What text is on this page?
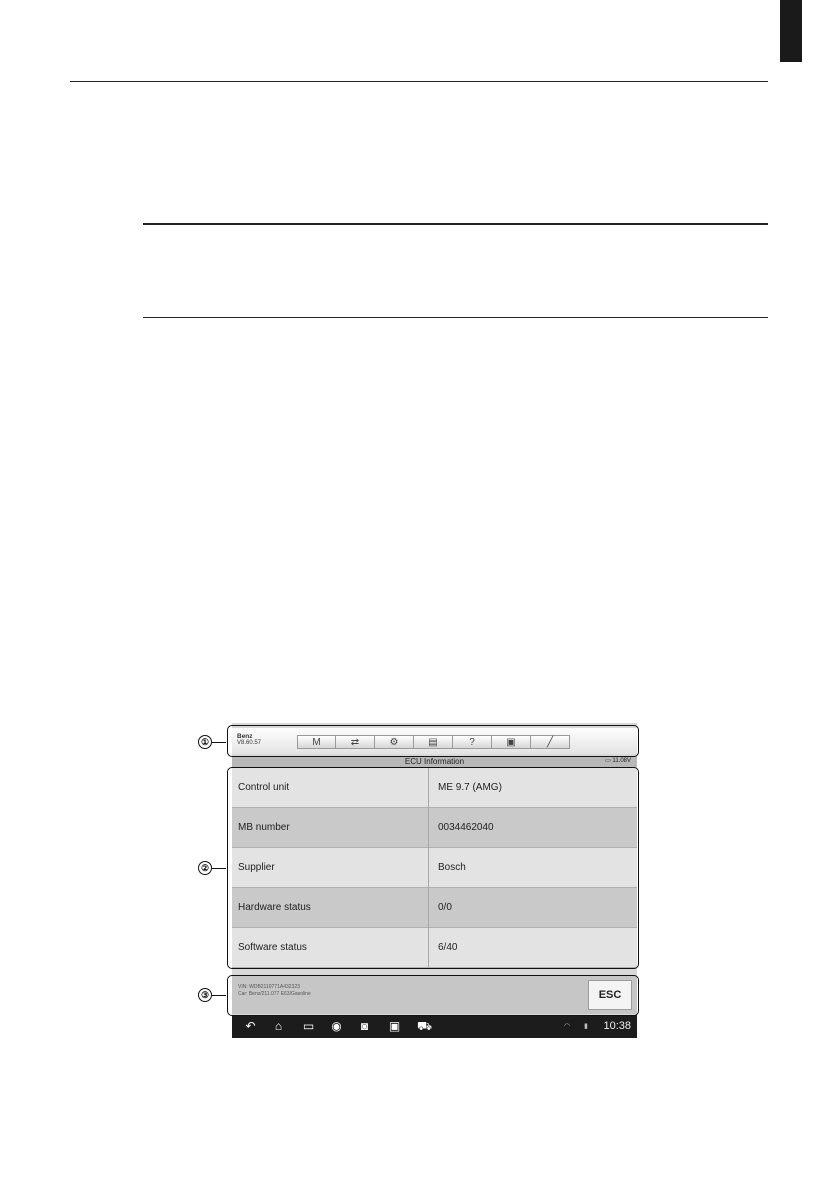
Benz
V8.60.57	M	⇄	⚙	▤	?	▣	╱
ECU Information	▭ 11.08V
Control unit	ME 9.7 (AMG)
MB number	0034462040
Supplier	Bosch
Hardware status	0/0
Software status	6/40
VIN: WDB2110771A432323
Car: Benz/211.077 E63/Gasoline	ESC
↶	⌂	▭ ◉	◙	▣ ⛟	◠ ▮ 10:38
①
②
③
